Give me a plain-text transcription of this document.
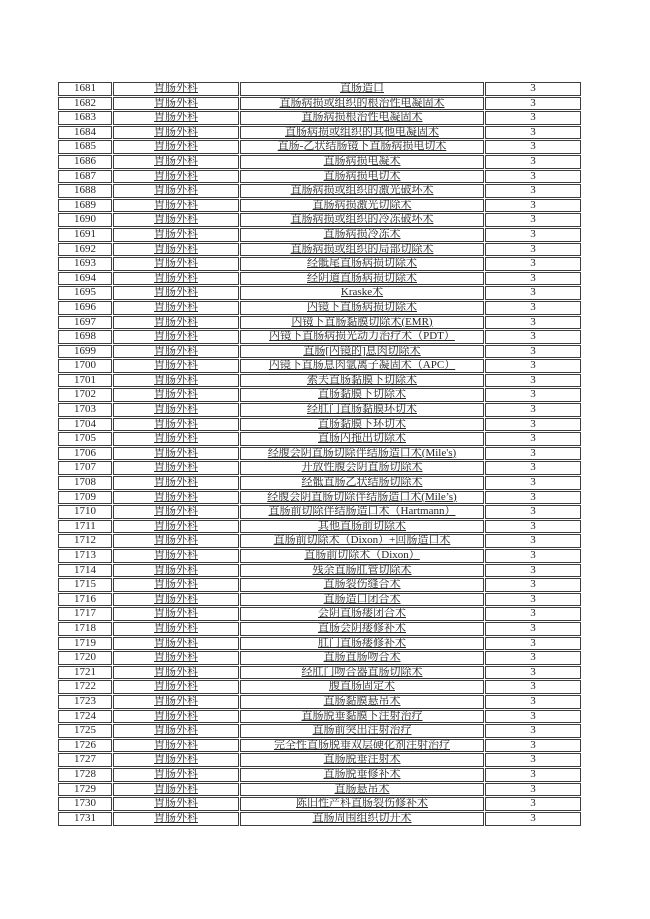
1681	胃肠外科	直肠造口	3
1682	胃肠外科	直肠病损或组织的根治性电凝固术	3
1683	胃肠外科	直肠病损根治性电凝固术	3
1684	胃肠外科	直肠病损或组织的其他电凝固术	3
1685	胃肠外科	直肠-乙状结肠镜下直肠病损电切术	3
1686	胃肠外科	直肠病损电凝术	3
1687	胃肠外科	直肠病损电切术	3
1688	胃肠外科	直肠病损或组织的激光破坏术	3
1689	胃肠外科	直肠病损激光切除术	3
1690	胃肠外科	直肠病损或组织的冷冻破坏术	3
1691	胃肠外科	直肠病损冷冻术	3
1692	胃肠外科	直肠病损或组织的局部切除术	3
1693	胃肠外科	经骶尾直肠病损切除术	3
1694	胃肠外科	经阴道直肠病损切除术	3
1695	胃肠外科	Kraske术	3
1696	胃肠外科	内镜下直肠病损切除术	3
1697	胃肠外科	内镜下直肠黏膜切除术(EMR)	3
1698	胃肠外科	内镜下直肠病损光动力治疗术（PDT）	3
1699	胃肠外科	直肠[内镜的]息肉切除术	3
1700	胃肠外科	内镜下直肠息肉氩离子凝固术（APC）	3
1701	胃肠外科	索夫直肠黏膜下切除术	3
1702	胃肠外科	直肠黏膜下切除术	3
1703	胃肠外科	经肛门直肠黏膜环切术	3
1704	胃肠外科	直肠黏膜下环切术	3
1705	胃肠外科	直肠内拖出切除术	3
1706	胃肠外科	经腹会阴直肠切除伴结肠造口术(Mile's)	3
1707	胃肠外科	开放性腹会阴直肠切除术	3
1708	胃肠外科	经骶直肠乙状结肠切除术	3
1709	胃肠外科	经腹会阴直肠切除伴结肠造口术(Mile’s)	3
1710	胃肠外科	直肠前切除伴结肠造口术（Hartmann）	3
1711	胃肠外科	其他直肠前切除术	3
1712	胃肠外科	直肠前切除术（Dixon）+回肠造口术	3
1713	胃肠外科	直肠前切除术（Dixon）	3
1714	胃肠外科	残余直肠肛管切除术	3
1715	胃肠外科	直肠裂伤缝合术	3
1716	胃肠外科	直肠造口闭合术	3
1717	胃肠外科	会阴直肠瘘闭合术	3
1718	胃肠外科	直肠会阴瘘修补术	3
1719	胃肠外科	肛门直肠瘘修补术	3
1720	胃肠外科	直肠直肠吻合术	3
1721	胃肠外科	经肛门吻合器直肠切除术	3
1722	胃肠外科	腹直肠固定术	3
1723	胃肠外科	直肠黏膜悬吊术	3
1724	胃肠外科	直肠脱垂黏膜下注射治疗	3
1725	胃肠外科	直肠前突出注射治疗	3
1726	胃肠外科	完全性直肠脱垂双层硬化剂注射治疗	3
1727	胃肠外科	直肠脱垂注射术	3
1728	胃肠外科	直肠脱垂修补术	3
1729	胃肠外科	直肠悬吊术	3
1730	胃肠外科	陈旧性产科直肠裂伤修补术	3
1731	胃肠外科	直肠周围组织切开术	3
